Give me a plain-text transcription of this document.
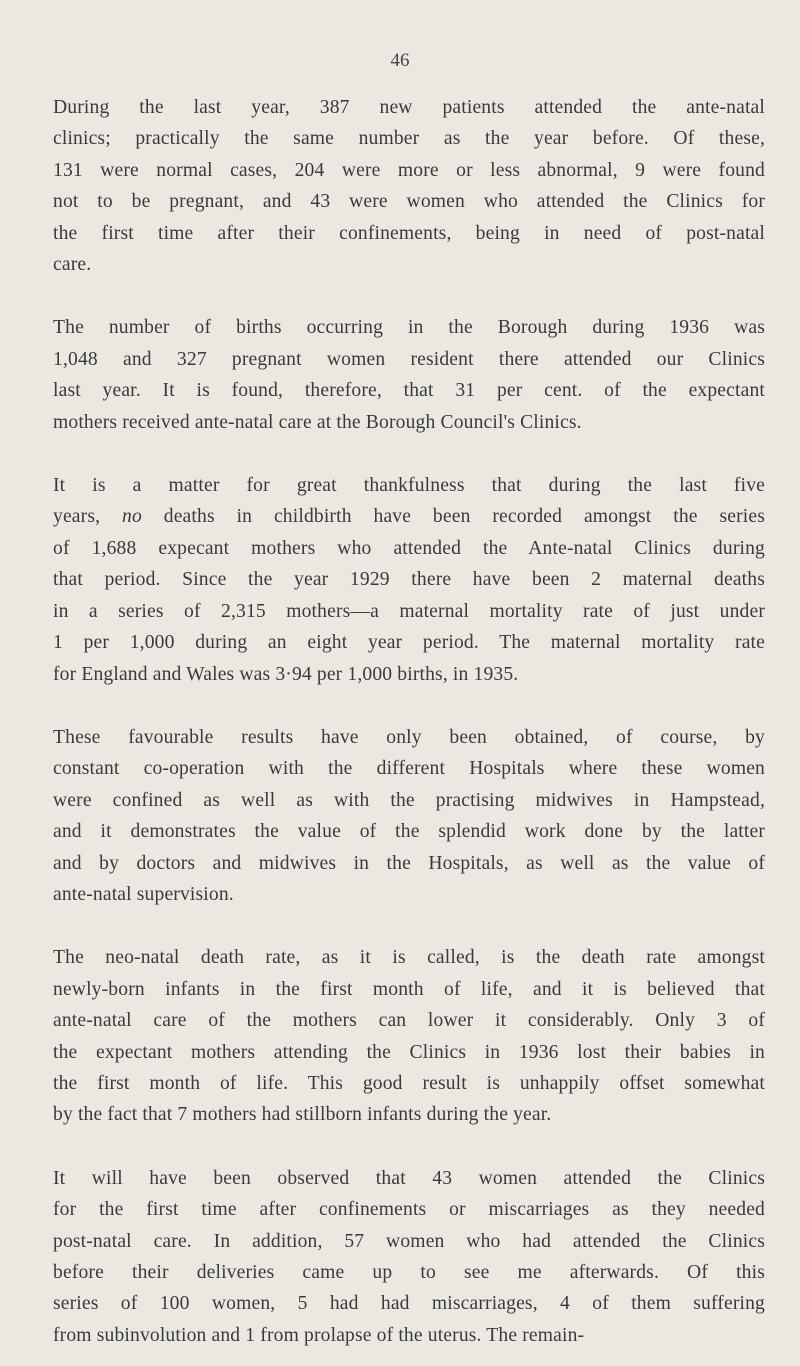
46

During the last year, 387 new patients attended the ante-natal
clinics; practically the same number as the year before. Of these,
131 were normal cases, 204 were more or less abnormal, 9 were found
not to be pregnant, and 43 were women who attended the Clinics for
the first time after their confinements, being in need of post-natal
care.

The number of births occurring in the Borough during 1936 was
1,048 and 327 pregnant women resident there attended our Clinics
last year. It is found, therefore, that 31 per cent. of the expectant
mothers received ante-natal care at the Borough Council's Clinics.

It is a matter for great thankfulness that during the last five
years, no deaths in childbirth have been recorded amongst the series
of 1,688 expecant mothers who attended the Ante-natal Clinics during
that period. Since the year 1929 there have been 2 maternal deaths
in a series of 2,315 mothers—a maternal mortality rate of just under
1 per 1,000 during an eight year period. The maternal mortality rate
for England and Wales was 3·94 per 1,000 births, in 1935.

These favourable results have only been obtained, of course, by
constant co-operation with the different Hospitals where these women
were confined as well as with the practising midwives in Hampstead,
and it demonstrates the value of the splendid work done by the latter
and by doctors and midwives in the Hospitals, as well as the value of
ante-natal supervision.

The neo-natal death rate, as it is called, is the death rate amongst
newly-born infants in the first month of life, and it is believed that
ante-natal care of the mothers can lower it considerably. Only 3 of
the expectant mothers attending the Clinics in 1936 lost their babies in
the first month of life. This good result is unhappily offset somewhat
by the fact that 7 mothers had stillborn infants during the year.

It will have been observed that 43 women attended the Clinics
for the first time after confinements or miscarriages as they needed
post-natal care. In addition, 57 women who had attended the Clinics
before their deliveries came up to see me afterwards. Of this
series of 100 women, 5 had had miscarriages, 4 of them suffering
from subinvolution and 1 from prolapse of the uterus. The remain-
